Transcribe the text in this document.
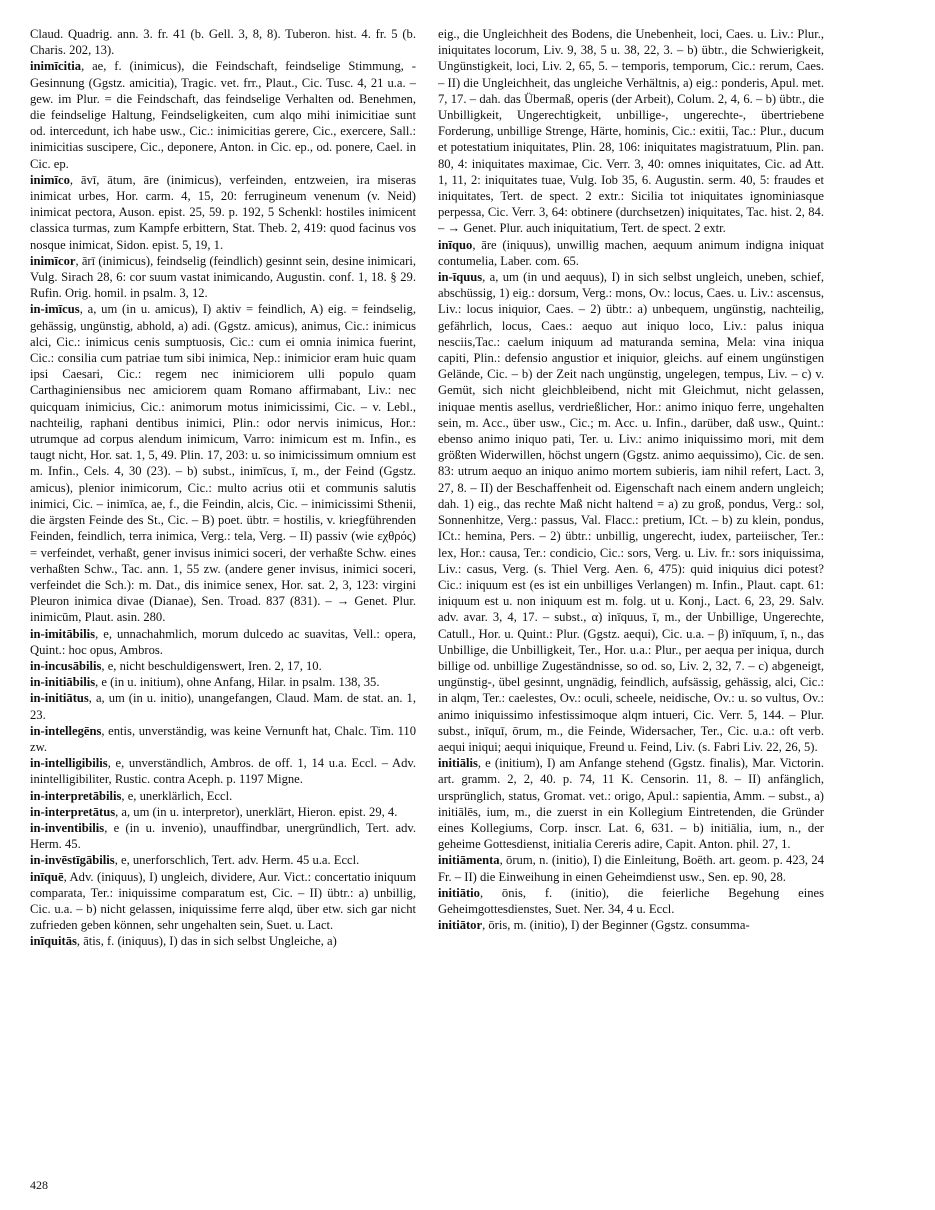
Claud. Quadrig. ann. 3. fr. 41 (b. Gell. 3, 8, 8). Tuberon. hist. 4. fr. 5 (b. Charis. 202, 13).

inimīcitia, ae, f. (inimicus), die Feindschaft, feindselige Stimmung, -Gesinnung (Ggstz. amicitia), Tragic. vet. frr., Plaut., Cic. Tusc. 4, 21 u.a. – gew. im Plur. = die Feindschaft, das feindselige Verhalten od. Benehmen, die feindselige Haltung, Feindseligkeiten, cum alqo mihi inimicitiae sunt od. intercedunt, ich habe usw., Cic.: inimicitias gerere, Cic., exercere, Sall.: inimicitias suscipere, Cic., deponere, Anton. in Cic. ep., od. ponere, Cael. in Cic. ep.

inimīco, āvī, ātum, āre (inimicus), verfeinden, entzweien, ira miseras inimicat urbes, Hor. carm. 4, 15, 20: ferrugineum venenum (v. Neid) inimicat pectora, Auson. epist. 25, 59. p. 192, 5 Schenkl: hostiles inimicent classica turmas, zum Kampfe erbittern, Stat. Theb. 2, 419: quod facinus vos nosque inimicat, Sidon. epist. 5, 19, 1.

inimīcor, ārī (inimicus), feindselig (feindlich) gesinnt sein, desine inimicari, Vulg. Sirach 28, 6: cor suum vastat inimicando, Augustin. conf. 1, 18. § 29. Rufin. Orig. homil. in psalm. 3, 12.

in-imīcus, a, um (in u. amicus), I) aktiv = feindlich, A) eig. = feindselig, gehässig, ungünstig, abhold, a) adi. (Ggstz. amicus), animus, Cic.: inimicus alci, Cic.: inimicus cenis sumptuosis, Cic.: cum ei omnia inimica fuerint, Cic.: consilia cum patriae tum sibi inimica, Nep.: inimicior eram huic quam ipsi Caesari, Cic.: regem nec inimiciorem ulli populo quam Carthaginiensibus nec amiciorem quam Romano affirmabant, Liv.: nec quicquam inimicius, Cic.: animorum motus inimicissimi, Cic. – v. Lebl., nachteilig, raphani dentibus inimici, Plin.: odor nervis inimicus, Hor.: utrumque ad corpus alendum inimicum, Varro: inimicum est m. Infin., es taugt nicht, Hor. sat. 1, 5, 49. Plin. 17, 203: u. so inimicissimum omnium est m. Infin., Cels. 4, 30 (23). – b) subst., inimīcus, ī, m., der Feind (Ggstz. amicus), plenior inimicorum, Cic.: multo acrius otii et communis salutis inimici, Cic. – inimīca, ae, f., die Feindin, alcis, Cic. – inimicissimi Sthenii, die ärgsten Feinde des St., Cic. – B) poet. übtr. = hostilis, v. kriegführenden Feinden, feindlich, terra inimica, Verg.: tela, Verg. – II) passiv (wie εχθρός) = verfeindet, verhaßt, gener invisus inimici soceri, der verhaßte Schw. eines verhaßten Schw., Tac. ann. 1, 55 zw. (andere gener invisus, inimici soceri, verfeindet die Sch.): m. Dat., dis inimice senex, Hor. sat. 2, 3, 123: virgini Pleuron inimica divae (Dianae), Sen. Troad. 837 (831). – → Genet. Plur. inimicūm, Plaut. asin. 280.

in-imitābilis, e, unnachahmlich, morum dulcedo ac suavitas, Vell.: opera, Quint.: hoc opus, Ambros.

in-incusābilis, e, nicht beschuldigenswert, Iren. 2, 17, 10.

in-initiābilis, e (in u. initium), ohne Anfang, Hilar. in psalm. 138, 35.

in-initiātus, a, um (in u. initio), unangefangen, Claud. Mam. de stat. an. 1, 23.

in-intellegēns, entis, unverständig, was keine Vernunft hat, Chalc. Tim. 110 zw.

in-intelligibilis, e, unverständlich, Ambros. de off. 1, 14 u.a. Eccl. – Adv. inintelligibiliter, Rustic. contra Aceph. p. 1197 Migne.

in-interpretābilis, e, unerklärlich, Eccl.

in-interpretātus, a, um (in u. interpretor), unerklärt, Hieron. epist. 29, 4.

in-inventibilis, e (in u. invenio), unauffindbar, unergründlich, Tert. adv. Herm. 45.

in-invēstīgābilis, e, unerforschlich, Tert. adv. Herm. 45 u.a. Eccl.

inīquē, Adv. (iniquus), I) ungleich, dividere, Aur. Vict.: concertatio iniquum comparata, Ter.: iniquissime comparatum est, Cic. – II) übtr.: a) unbillig, Cic. u.a. – b) nicht gelassen, iniquissime ferre alqd, über etw. sich gar nicht zufrieden geben können, sehr ungehalten sein, Suet. u. Lact.

inīquitās, ātis, f. (iniquus), I) das in sich selbst Ungleiche, a)

eig., die Ungleichheit des Bodens, die Unebenheit, loci, Caes. u. Liv.: Plur., iniquitates locorum, Liv. 9, 38, 5 u. 38, 22, 3. – b) übtr., die Schwierigkeit, Ungünstigkeit, loci, Liv. 2, 65, 5. – temporis, temporum, Cic.: rerum, Caes. – II) die Ungleichheit, das ungleiche Verhältnis, a) eig.: ponderis, Apul. met. 7, 17. – dah. das Übermaß, operis (der Arbeit), Colum. 2, 4, 6. – b) übtr., die Unbilligkeit, Ungerechtigkeit, unbillige-, ungerechte-, übertriebene Forderung, unbillige Strenge, Härte, hominis, Cic.: exitii, Tac.: Plur., ducum et potestatium iniquitates, Plin. 28, 106: iniquitates magistratuum, Plin. pan. 80, 4: iniquitates maximae, Cic. Verr. 3, 40: omnes iniquitates, Cic. ad Att. 1, 11, 2: iniquitates tuae, Vulg. Iob 35, 6. Augustin. serm. 40, 5: fraudes et iniquitates, Tert. de spect. 2 extr.: Sicilia tot iniquitates ignominiasque perpessa, Cic. Verr. 3, 64: obtinere (durchsetzen) iniquitates, Tac. hist. 2, 84. – → Genet. Plur. auch iniquitatium, Tert. de spect. 2 extr.

inīquo, āre (iniquus), unwillig machen, aequum animum indigna iniquat contumelia, Laber. com. 65.

in-īquus, a, um (in und aequus), I) in sich selbst ungleich, uneben, schief, abschüssig, 1) eig.: dorsum, Verg.: mons, Ov.: locus, Caes. u. Liv.: ascensus, Liv.: locus iniquior, Caes. – 2) übtr.: a) unbequem, ungünstig, nachteilig, gefährlich, locus, Caes.: aequo aut iniquo loco, Liv.: palus iniqua nesciis,Tac.: caelum iniquum ad maturanda semina, Mela: vina iniqua capiti, Plin.: defensio angustior et iniquior, gleichs. auf einem ungünstigen Gelände, Cic. – b) der Zeit nach ungünstig, ungelegen, tempus, Liv. – c) v. Gemüt, sich nicht gleichbleibend, nicht mit Gleichmut, nicht gelassen, iniquae mentis asellus, verdrießlicher, Hor.: animo iniquo ferre, ungehalten sein, m. Acc., über usw., Cic.; m. Acc. u. Infin., darüber, daß usw., Quint.: ebenso animo iniquo pati, Ter. u. Liv.: animo iniquissimo mori, mit dem größten Widerwillen, höchst ungern (Ggstz. animo aequissimo), Cic. de sen. 83: utrum aequo an iniquo animo mortem subieris, iam nihil refert, Lact. 3, 27, 8. – II) der Beschaffenheit od. Eigenschaft nach einem andern ungleich; dah. 1) eig., das rechte Maß nicht haltend = a) zu groß, pondus, Verg.: sol, Sonnenhitze, Verg.: passus, Val. Flacc.: pretium, ICt. – b) zu klein, pondus, ICt.: hemina, Pers. – 2) übtr.: unbillig, ungerecht, iudex, parteiischer, Ter.: lex, Hor.: causa, Ter.: condicio, Cic.: sors, Verg. u. Liv. fr.: sors iniquissima, Liv.: casus, Verg. (s. Thiel Verg. Aen. 6, 475): quid iniquius dici potest? Cic.: iniquum est (es ist ein unbilliges Verlangen) m. Infin., Plaut. capt. 61: iniquum est u. non iniquum est m. folg. ut u. Konj., Lact. 6, 23, 29. Salv. adv. avar. 3, 4, 17. – subst., α) inīquus, ī, m., der Unbillige, Ungerechte, Catull., Hor. u. Quint.: Plur. (Ggstz. aequi), Cic. u.a. – β) inīquum, ī, n., das Unbillige, die Unbilligkeit, Ter., Hor. u.a.: Plur., per aequa per iniqua, durch billige od. unbillige Zugeständnisse, so od. so, Liv. 2, 32, 7. – c) abgeneigt, ungünstig-, übel gesinnt, ungnädig, feindlich, aufsässig, gehässig, alci, Cic.: in alqm, Ter.: caelestes, Ov.: oculi, scheele, neidische, Ov.: u. so vultus, Ov.: animo iniquissimo infestissimoque alqm intueri, Cic. Verr. 5, 144. – Plur. subst., inīquī, ōrum, m., die Feinde, Widersacher, Ter., Cic. u.a.: oft verb. aequi iniqui; aequi iniquique, Freund u. Feind, Liv. (s. Fabri Liv. 22, 26, 5).

initiālis, e (initium), I) am Anfange stehend (Ggstz. finalis), Mar. Victorin. art. gramm. 2, 2, 40. p. 74, 11 K. Censorin. 11, 8. – II) anfänglich, ursprünglich, status, Gromat. vet.: origo, Apul.: sapientia, Amm. – subst., a) initiālēs, ium, m., die zuerst in ein Kollegium Eintretenden, die Gründer eines Kollegiums, Corp. inscr. Lat. 6, 631. – b) initiālia, ium, n., der geheime Gottesdienst, initialia Cereris adire, Capit. Anton. phil. 27, 1.

initiāmenta, ōrum, n. (initio), I) die Einleitung, Boëth. art. geom. p. 423, 24 Fr. – II) die Einweihung in einen Geheimdienst usw., Sen. ep. 90, 28.

initiātio, ōnis, f. (initio), die feierliche Begehung eines Geheimgottesdienstes, Suet. Ner. 34, 4 u. Eccl.

initiātor, ōris, m. (initio), I) der Beginner (Ggstz. consumma-

428
